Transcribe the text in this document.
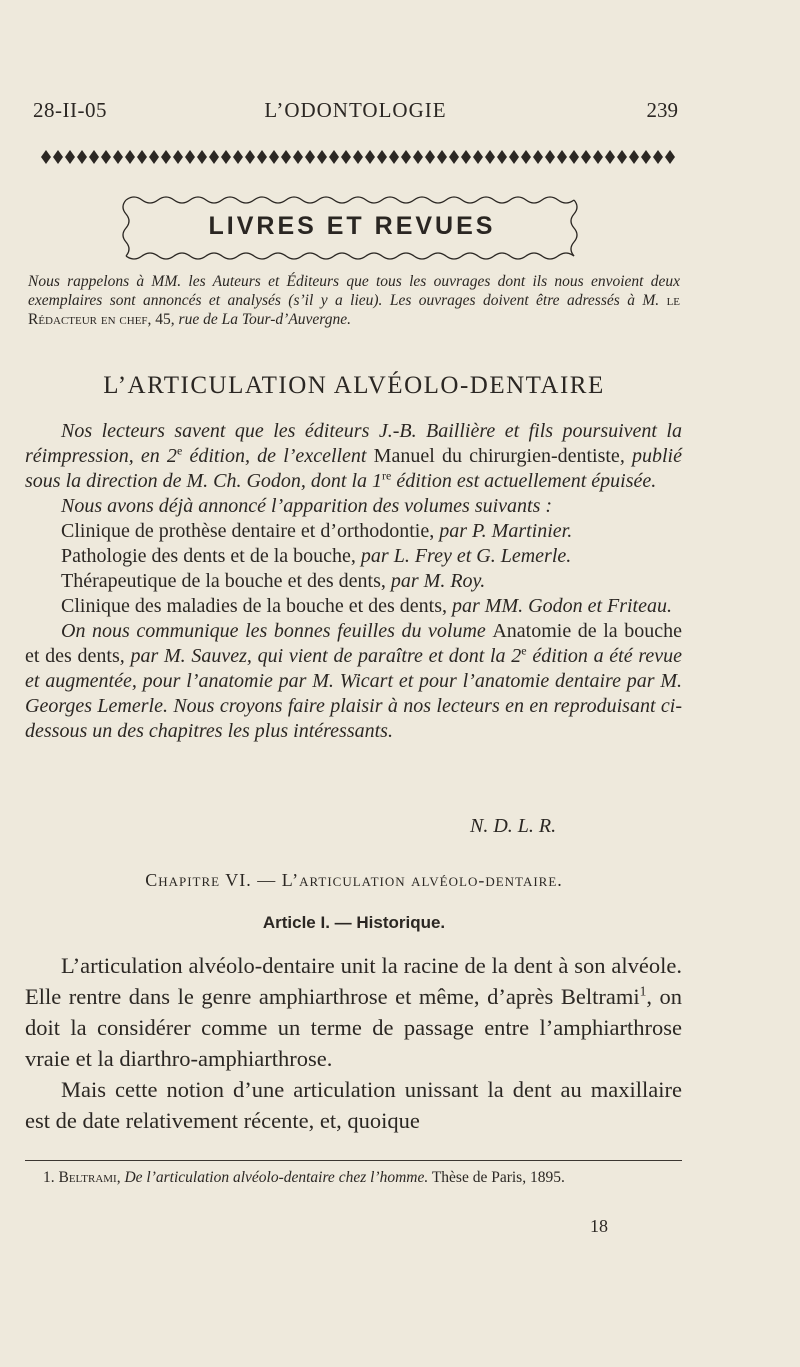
28-II-05	L’ODONTOLOGIE	239
LIVRES ET REVUES
Nous rappelons à MM. les Auteurs et Éditeurs que tous les ouvrages dont ils nous envoient deux exemplaires sont annoncés et analysés (s’il y a lieu). Les ouvrages doivent être adressés à M. le Rédacteur en chef, 45, rue de La Tour-d’Auvergne.
L’ARTICULATION ALVÉOLO-DENTAIRE

Nos lecteurs savent que les éditeurs J.-B. Baillière et fils poursuivent la réimpression, en 2e édition, de l’excellent Manuel du chirurgien-dentiste, publié sous la direction de M. Ch. Godon, dont la 1re édition est actuellement épuisée.

Nous avons déjà annoncé l’apparition des volumes suivants :

Clinique de prothèse dentaire et d’orthodontie, par P. Martinier.

Pathologie des dents et de la bouche, par L. Frey et G. Lemerle.

Thérapeutique de la bouche et des dents, par M. Roy.

Clinique des maladies de la bouche et des dents, par MM. Godon et Friteau.

On nous communique les bonnes feuilles du volume Anatomie de la bouche et des dents, par M. Sauvez, qui vient de paraître et dont la 2e édition a été revue et augmentée, pour l’anatomie par M. Wicart et pour l’anatomie dentaire par M. Georges Lemerle. Nous croyons faire plaisir à nos lecteurs en en reproduisant ci-dessous un des chapitres les plus intéressants.

N. D. L. R.
Chapitre VI. — L’articulation alvéolo-dentaire.
Article I. — Historique.

L’articulation alvéolo-dentaire unit la racine de la dent à son alvéole. Elle rentre dans le genre amphiarthrose et même, d’après Beltrami$^1$, on doit la considérer comme un terme de passage entre l’amphiarthrose vraie et la diarthro-amphiarthrose.

Mais cette notion d’une articulation unissant la dent au maxillaire est de date relativement récente, et, quoique

1. Beltrami, De l’articulation alvéolo-dentaire chez l’homme. Thèse de Paris, 1895.

18
